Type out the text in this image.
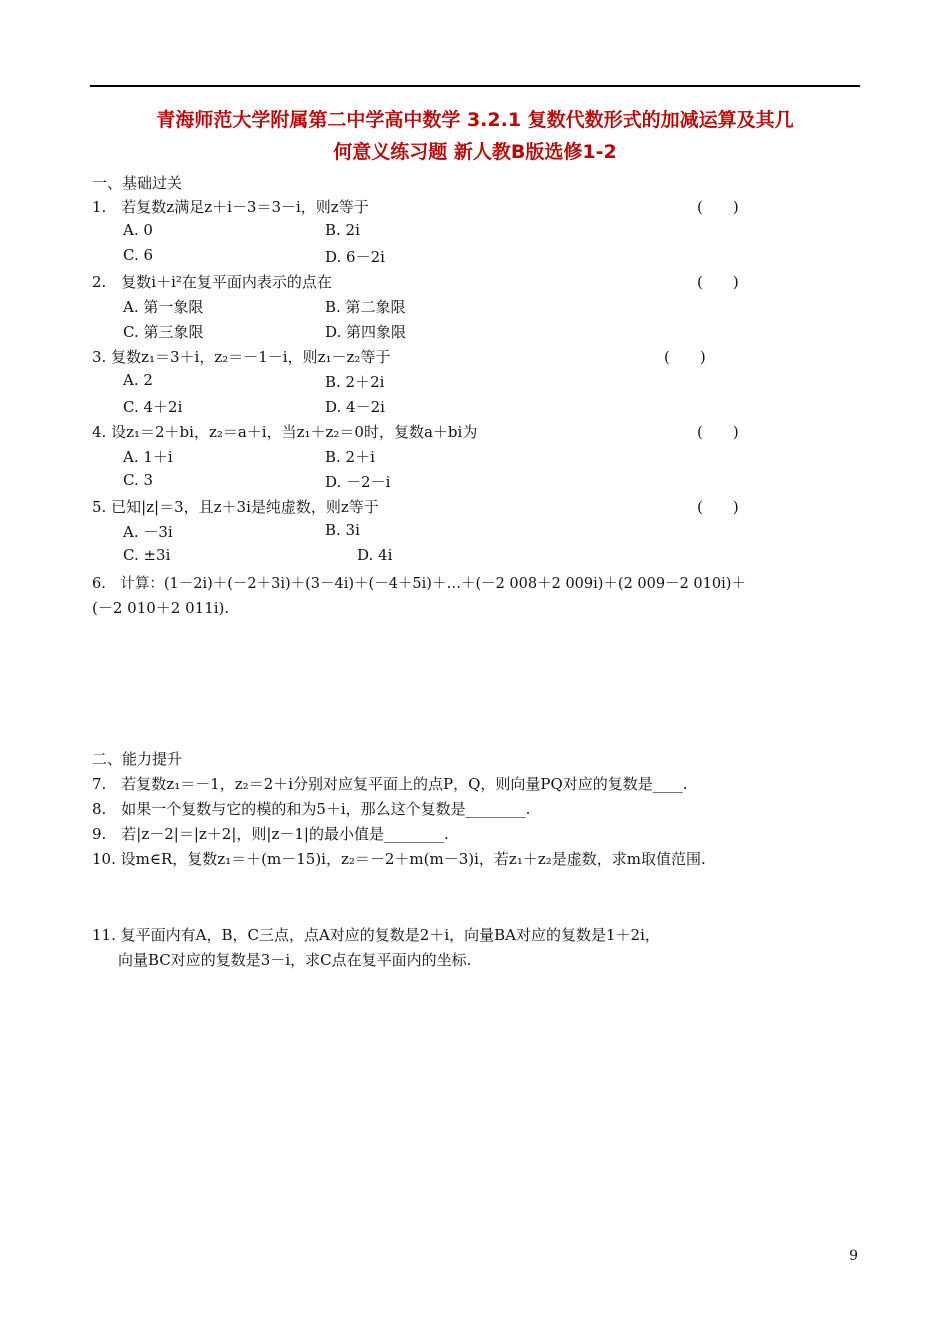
青海师范大学附属第二中学高中数学 3.2.1 复数代数形式的加减运算及其几
何意义练习题 新人教B版选修1-2
一、基础过关
1.　若复数z满足z＋i－3＝3－i，则z等于	(　　)
A. 0	B. 2i
C. 6	D. 6－2i
2.　复数i＋i²在复平面内表示的点在	(　　)
A. 第一象限	B. 第二象限
C. 第三象限	D. 第四象限
3. 复数z₁＝3＋i，z₂＝－1－i，则z₁－z₂等于	(　　)
A. 2	B. 2＋2i
C. 4＋2i	D. 4－2i
4. 设z₁＝2＋bi，z₂＝a＋i，当z₁＋z₂＝0时，复数a＋bi为	(　　)
A. 1＋i	B. 2＋i
C. 3	D. －2－i
5. 已知|z|＝3，且z＋3i是纯虚数，则z等于	(　　)
A. －3i	B. 3i
C. ±3i	D. 4i
6.　计算：(1－2i)＋(－2＋3i)＋(3－4i)＋(－4＋5i)＋…＋(－2 008＋2 009i)＋(2 009－2 010i)＋
(－2 010＋2 011i).
二、能力提升
7.　若复数z₁＝－1，z₂＝2＋i分别对应复平面上的点P，Q，则向量PQ对应的复数是____.
8.　如果一个复数与它的模的和为5＋i，那么这个复数是________.
9.　若|z－2|＝|z＋2|，则|z－1|的最小值是________.
10. 设m∈R，复数z₁＝＋(m－15)i，z₂＝－2＋m(m－3)i，若z₁＋z₂是虚数，求m取值范围.
11. 复平面内有A，B，C三点，点A对应的复数是2＋i，向量BA对应的复数是1＋2i，
向量BC对应的复数是3－i，求C点在复平面内的坐标.
9
